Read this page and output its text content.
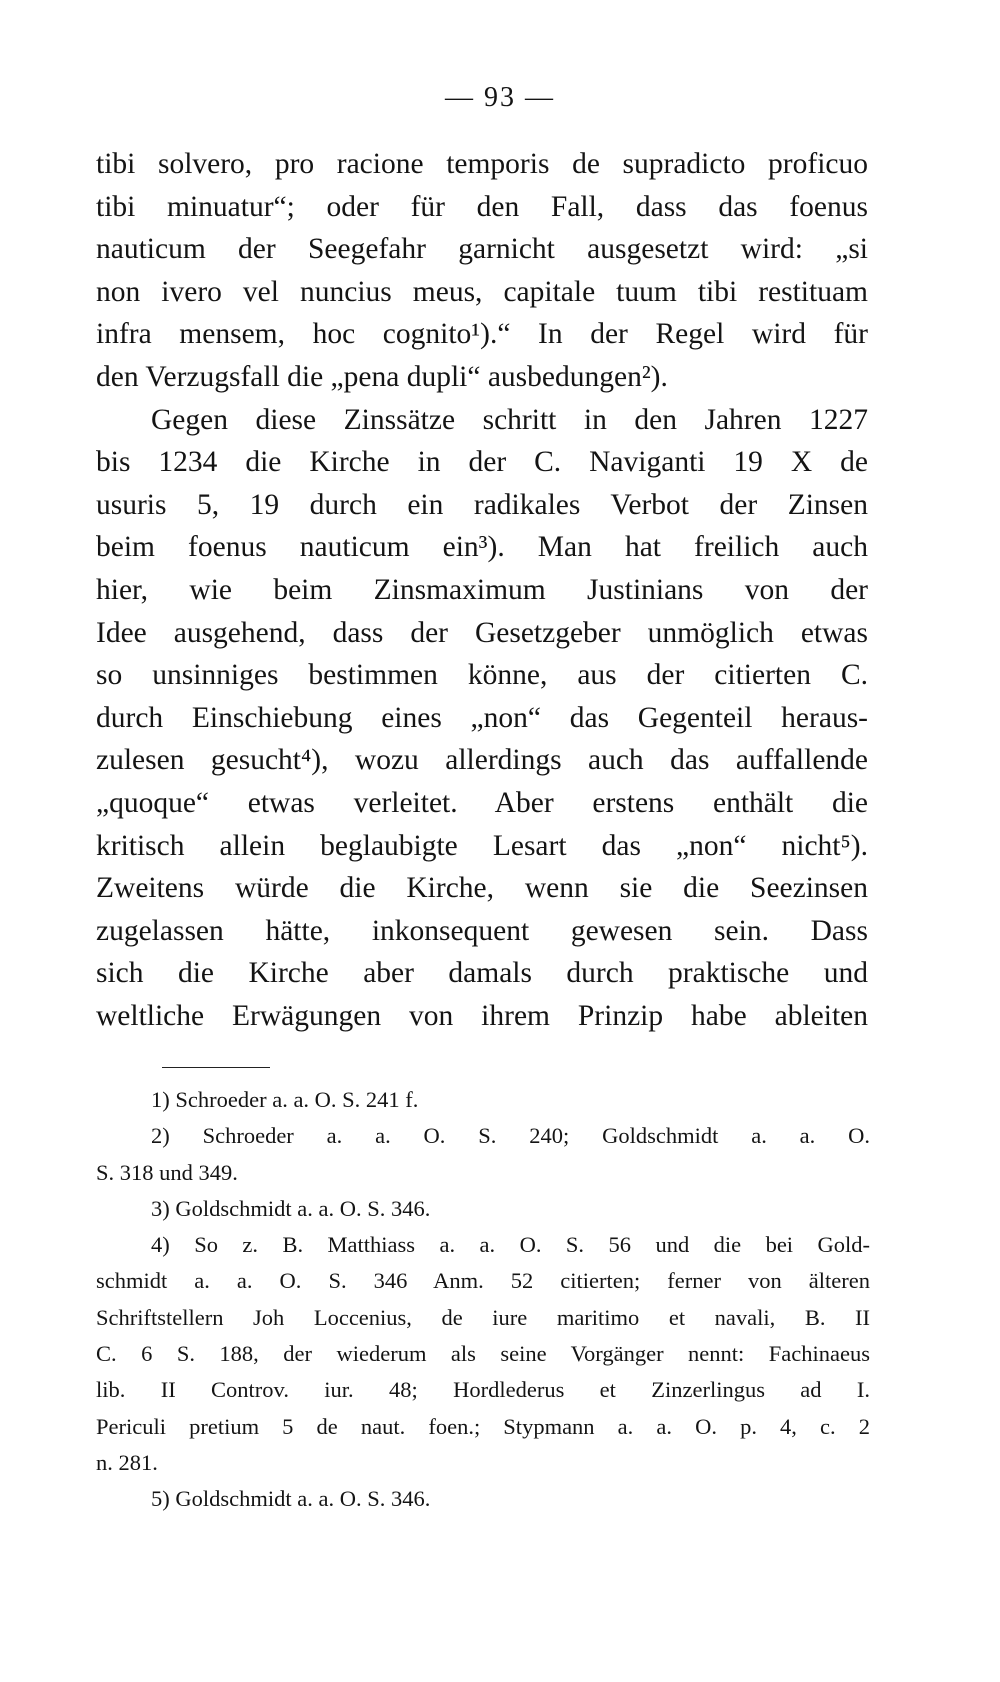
— 93 —
tibi solvero, pro racione temporis de supradicto proficuo
tibi minuatur“; oder für den Fall, dass das foenus
nauticum der Seegefahr garnicht ausgesetzt wird: „si
non ivero vel nuncius meus, capitale tuum tibi restituam
infra mensem, hoc cognito¹).“ In der Regel wird für
den Verzugsfall die „pena dupli“ ausbedungen²).
Gegen diese Zinssätze schritt in den Jahren 1227
bis 1234 die Kirche in der C. Naviganti 19 X de
usuris 5, 19 durch ein radikales Verbot der Zinsen
beim foenus nauticum ein³). Man hat freilich auch
hier, wie beim Zinsmaximum Justinians von der
Idee ausgehend, dass der Gesetzgeber unmöglich etwas
so unsinniges bestimmen könne, aus der citierten C.
durch Einschiebung eines „non“ das Gegenteil heraus-
zulesen gesucht⁴), wozu allerdings auch das auffallende
„quoque“ etwas verleitet. Aber erstens enthält die
kritisch allein beglaubigte Lesart das „non“ nicht⁵).
Zweitens würde die Kirche, wenn sie die Seezinsen
zugelassen hätte, inkonsequent gewesen sein. Dass
sich die Kirche aber damals durch praktische und
weltliche Erwägungen von ihrem Prinzip habe ableiten
1) Schroeder a. a. O. S. 241 f.
2) Schroeder a. a. O. S. 240; Goldschmidt a. a. O.
S. 318 und 349.
3) Goldschmidt a. a. O. S. 346.
4) So z. B. Matthiass a. a. O. S. 56 und die bei Gold-
schmidt a. a. O. S. 346 Anm. 52 citierten; ferner von älteren
Schriftstellern Joh Loccenius, de iure maritimo et navali, B. II
C. 6 S. 188, der wiederum als seine Vorgänger nennt: Fachinaeus
lib. II Controv. iur. 48; Hordlederus et Zinzerlingus ad I.
Periculi pretium 5 de naut. foen.; Stypmann a. a. O. p. 4, c. 2
n. 281.
5) Goldschmidt a. a. O. S. 346.
